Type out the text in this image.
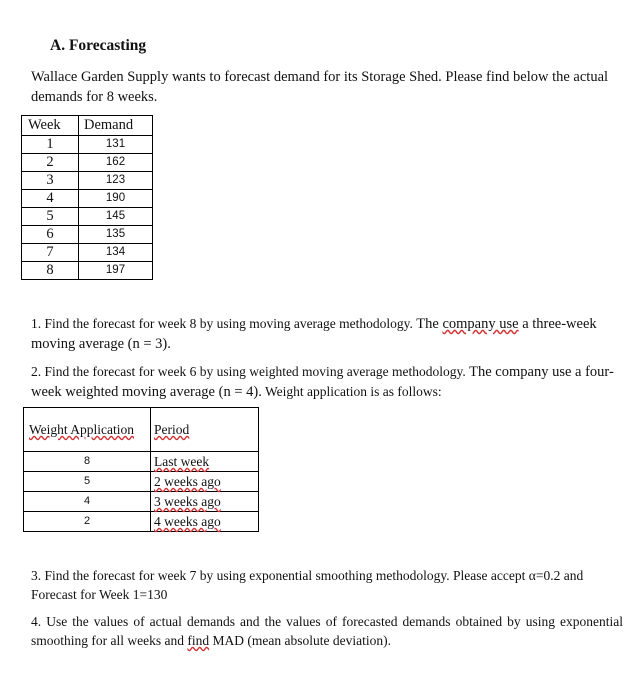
A. Forecasting
Wallace Garden Supply wants to forecast demand for its Storage Shed. Please find below the actual demands for 8 weeks.
Week	Demand
1	131
2	162
3	123
4	190
5	145
6	135
7	134
8	197
1. Find the forecast for week 8 by using moving average methodology. The company use a three-week moving average (n = 3).
2. Find the forecast for week 6 by using weighted moving average methodology. The company use a four-week weighted moving average (n = 4). Weight application is as follows:
Weight Application	Period
8	Last week
5	2 weeks ago
4	3 weeks ago
2	4 weeks ago
3. Find the forecast for week 7 by using exponential smoothing methodology. Please accept α=0.2 and
Forecast for Week 1=130
4. Use the values of actual demands and the values of forecasted demands obtained by using exponential smoothing for all weeks and find MAD (mean absolute deviation).
